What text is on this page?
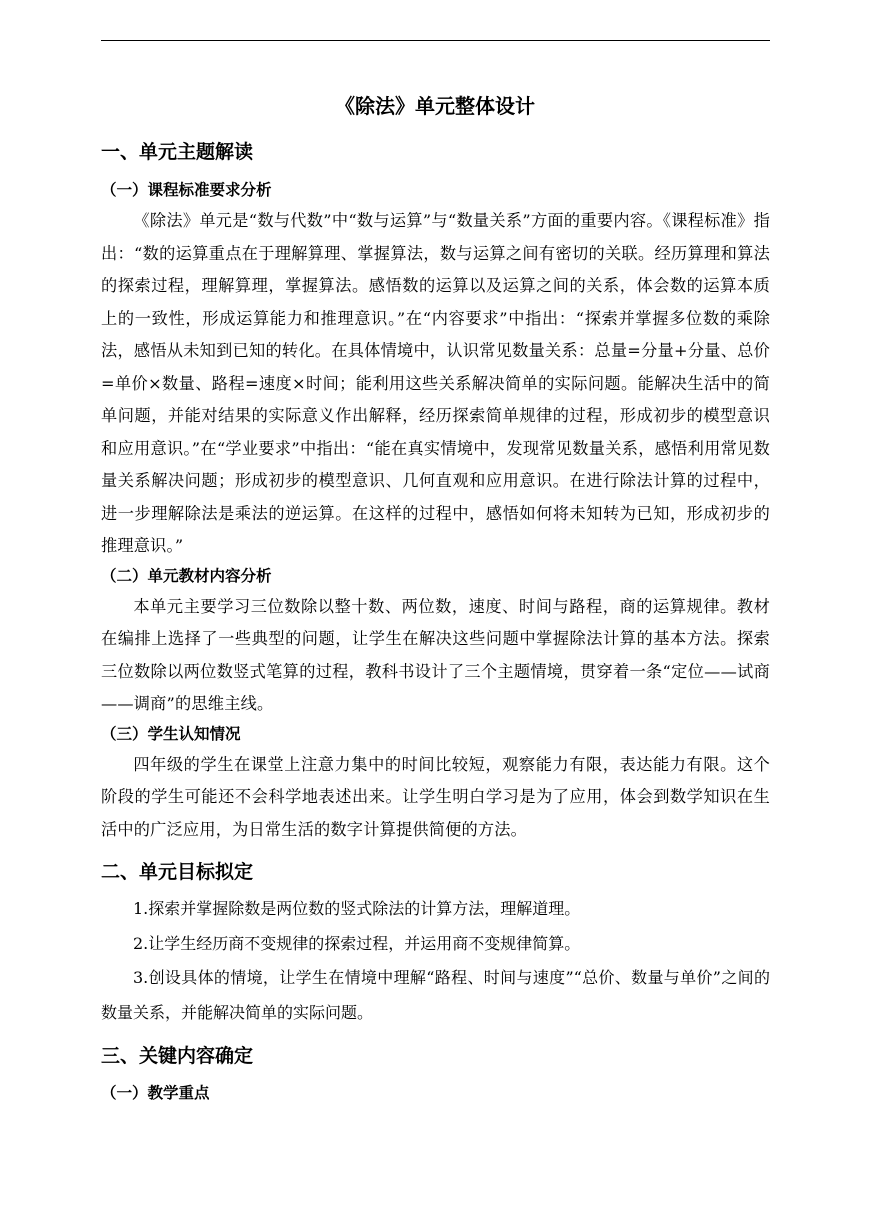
《除法》单元整体设计
一、单元主题解读
（一）课程标准要求分析
《除法》单元是“数与代数”中“数与运算”与“数量关系”方面的重要内容。《课程标准》指出：“数的运算重点在于理解算理、掌握算法，数与运算之间有密切的关联。经历算理和算法的探索过程，理解算理，掌握算法。感悟数的运算以及运算之间的关系，体会数的运算本质上的一致性，形成运算能力和推理意识。”在“内容要求”中指出：“探索并掌握多位数的乘除法，感悟从未知到已知的转化。在具体情境中，认识常见数量关系：总量=分量+分量、总价=单价×数量、路程=速度×时间；能利用这些关系解决简单的实际问题。能解决生活中的简单问题，并能对结果的实际意义作出解释，经历探索简单规律的过程，形成初步的模型意识和应用意识。”在“学业要求”中指出：“能在真实情境中，发现常见数量关系，感悟利用常见数量关系解决问题；形成初步的模型意识、几何直观和应用意识。在进行除法计算的过程中，进一步理解除法是乘法的逆运算。在这样的过程中，感悟如何将未知转为已知，形成初步的推理意识。”
（二）单元教材内容分析
本单元主要学习三位数除以整十数、两位数，速度、时间与路程，商的运算规律。教材在编排上选择了一些典型的问题，让学生在解决这些问题中掌握除法计算的基本方法。探索三位数除以两位数竖式笔算的过程，教科书设计了三个主题情境，贯穿着一条“定位——试商——调商”的思维主线。
（三）学生认知情况
四年级的学生在课堂上注意力集中的时间比较短，观察能力有限，表达能力有限。这个阶段的学生可能还不会科学地表述出来。让学生明白学习是为了应用，体会到数学知识在生活中的广泛应用，为日常生活的数字计算提供简便的方法。
二、单元目标拟定
1.探索并掌握除数是两位数的竖式除法的计算方法，理解道理。
2.让学生经历商不变规律的探索过程，并运用商不变规律简算。
3.创设具体的情境，让学生在情境中理解“路程、时间与速度”“总价、数量与单价”之间的数量关系，并能解决简单的实际问题。
三、关键内容确定
（一）教学重点
